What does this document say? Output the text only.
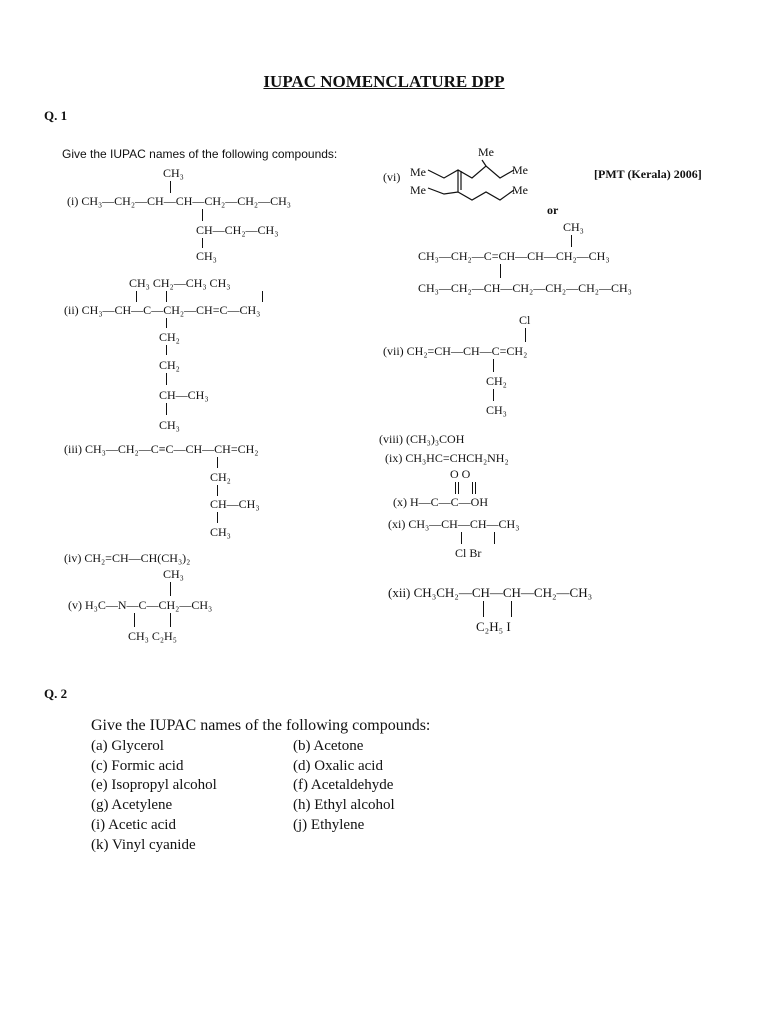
IUPAC NOMENCLATURE DPP
Q. 1
Give the IUPAC names of the following compounds:
CH₃
(i) CH₃—CH₂—CH—CH—CH₂—CH₂—CH₃
CH—CH₂—CH₃
CH₃
CH₃ CH₂—CH₃ CH₃
(ii) CH₃—CH—C—CH₂—CH=C—CH₃
CH₂
CH₂
CH—CH₃
CH₃
(iii) CH₃—CH₂—C≡C—CH—CH=CH₂
CH₂
CH—CH₃
CH₃
(iv) CH₂=CH—CH(CH₃)₂
CH₃
(v) H₃C—N—C—CH₂—CH₃
CH₃ C₂H₅
(vi)
Me
Me
Me
Me
Me
[PMT (Kerala) 2006]
or
CH₃
CH₃—CH₂—C=CH—CH—CH₂—CH₃
CH₃—CH₂—CH—CH₂—CH₂—CH₂—CH₃
Cl
(vii) CH₂=CH—CH—C=CH₂
CH₂
CH₃
(viii) (CH₃)₃COH
(ix) CH₃HC=CHCH₂NH₂
O O
(x) H—C—C—OH
(xi) CH₃—CH—CH—CH₃
Cl Br
(xii) CH₃CH₂—CH—CH—CH₂—CH₃
C₂H₅ I
Q. 2
Give the IUPAC names of the following compounds:
(a) Glycerol	(b) Acetone
(c) Formic acid	(d) Oxalic acid
(e) Isopropyl alcohol	(f) Acetaldehyde
(g) Acetylene	(h) Ethyl alcohol
(i) Acetic acid	(j) Ethylene
(k) Vinyl cyanide
